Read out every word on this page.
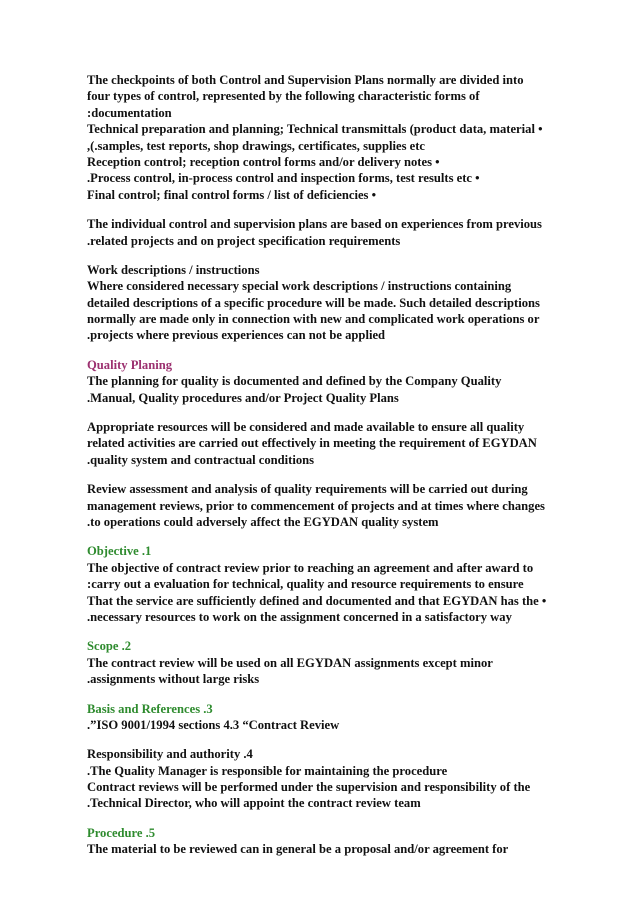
The checkpoints of both Control and Supervision Plans normally are divided into
four types of control, represented by the following characteristic forms of
:documentation
Technical preparation and planning; Technical transmittals (product data, material •
,(.samples, test reports, shop drawings, certificates, supplies etc
Reception control; reception control forms and/or delivery notes •
.Process control, in-process control and inspection forms, test results etc •
Final control; final control forms / list of deficiencies •
The individual control and supervision plans are based on experiences from previous
.related projects and on project specification requirements
Work descriptions / instructions
Where considered necessary special work descriptions / instructions containing
detailed descriptions of a specific procedure will be made. Such detailed descriptions
normally are made only in connection with new and complicated work operations or
.projects where previous experiences can not be applied
Quality Planing
The planning for quality is documented and defined by the Company Quality
.Manual, Quality procedures and/or Project Quality Plans
Appropriate resources will be considered and made available to ensure all quality
related activities are carried out effectively in meeting the requirement of EGYDAN
.quality system and contractual conditions
Review assessment and analysis of quality requirements will be carried out during
management reviews, prior to commencement of projects and at times where changes
.to operations could adversely affect the EGYDAN quality system
Objective .1
The objective of contract review prior to reaching an agreement and after award to
:carry out a evaluation for technical, quality and resource requirements to ensure
That the service are sufficiently defined and documented and that EGYDAN has the •
.necessary resources to work on the assignment concerned in a satisfactory way
Scope .2
The contract review will be used on all EGYDAN assignments except minor
.assignments without large risks
Basis and References .3
.”ISO 9001/1994 sections 4.3 “Contract Review
Responsibility and authority .4
.The Quality Manager is responsible for maintaining the procedure
Contract reviews will be performed under the supervision and responsibility of the
.Technical Director, who will appoint the contract review team
Procedure .5
The material to be reviewed can in general be a proposal and/or agreement for
